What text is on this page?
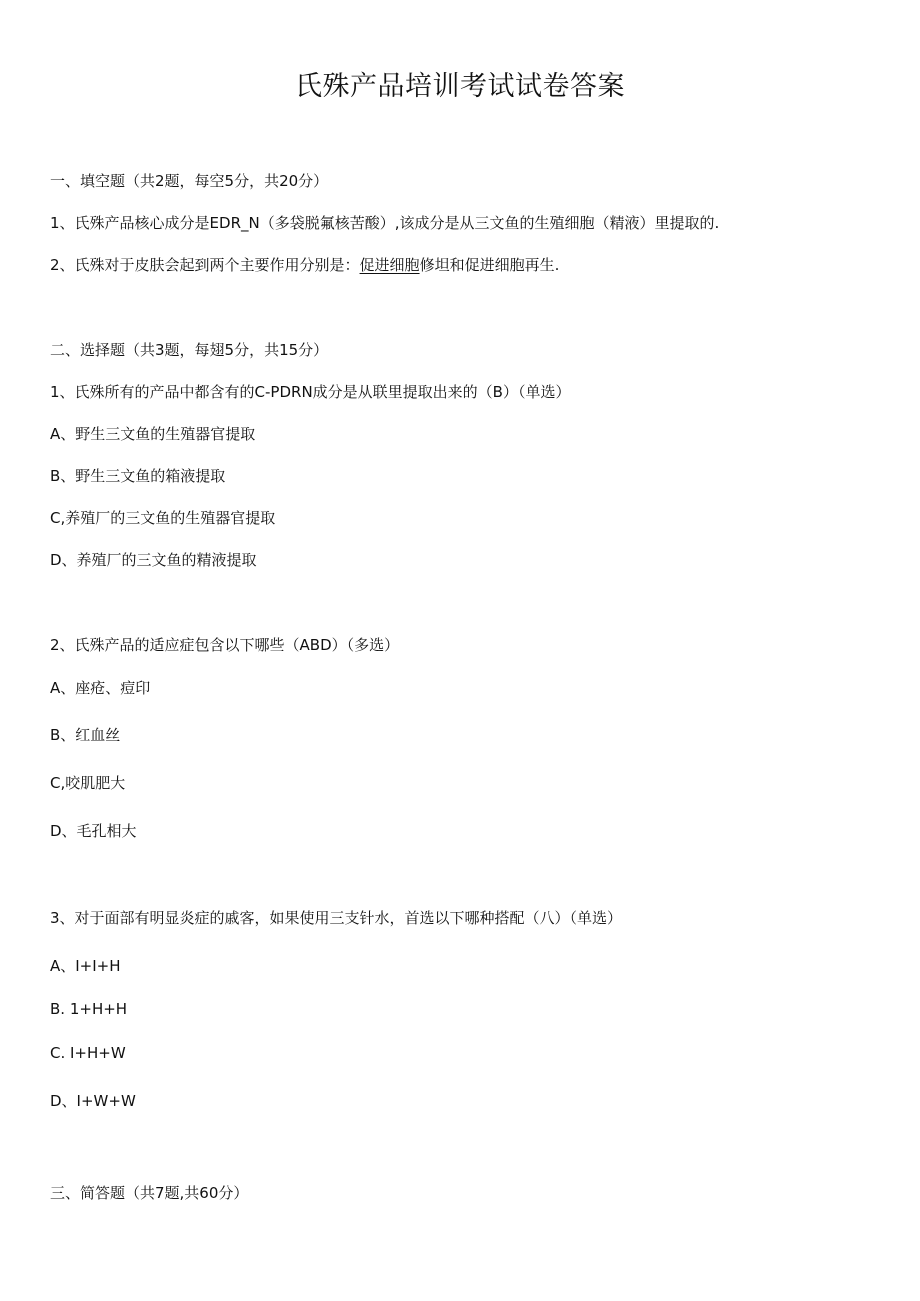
氏殊产品培训考试试卷答案

一、填空题（共2题，每空5分，共20分）

1、氏殊产品核心成分是EDR_N（多袋脱氟核苦酸）,该成分是从三文鱼的生殖细胞（精液）里提取的.

2、氏殊对于皮肤会起到两个主要作用分别是：促进细胞修坦和促进细胞再生.

二、选择题（共3题，每翅5分，共15分）

1、氏殊所有的产品中都含有的C-PDRN成分是从联里提取出来的（B）（单选）

A、野生三文鱼的生殖器官提取

B、野生三文鱼的箱液提取

C,养殖厂的三文鱼的生殖器官提取

D、养殖厂的三文鱼的精液提取

2、氏殊产品的适应症包含以下哪些（ABD）（多选）

A、座疮、痘印

B、红血丝

C,咬肌肥大

D、毛孔相大

3、对于面部有明显炎症的戚客，如果使用三支针水，首选以下哪种搭配（八）（单选）

A、I+I+H

B. 1+H+H

C. I+H+W

D、I+W+W

三、简答题（共7题,共60分）
